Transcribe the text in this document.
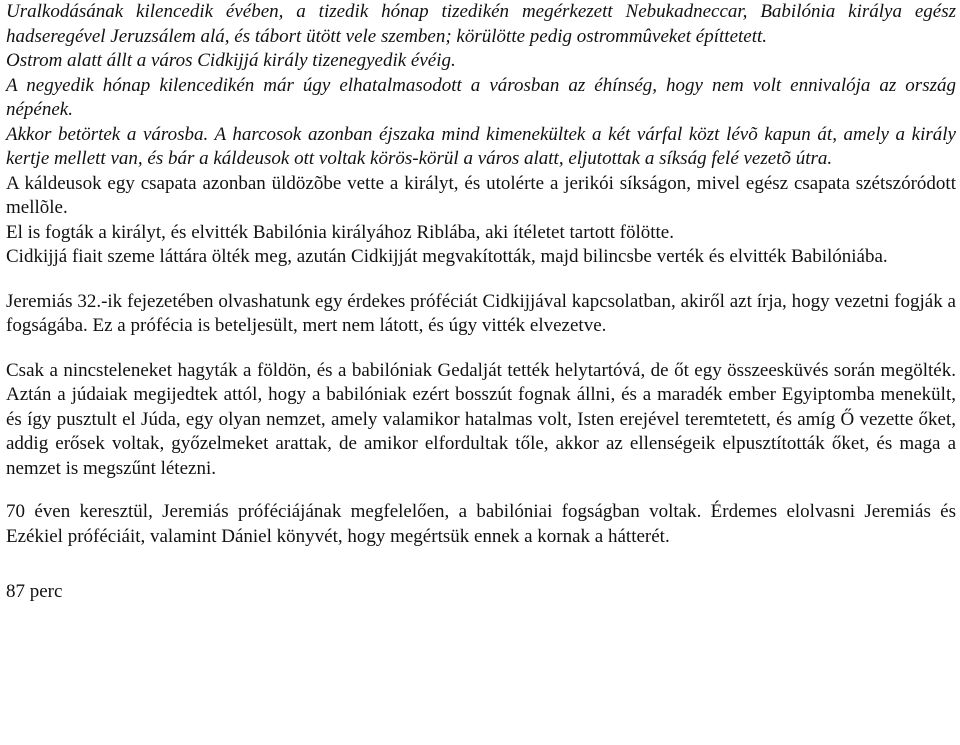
Uralkodásának kilencedik évében, a tizedik hónap tizedikén megérkezett Nebukadneccar, Babilónia királya egész hadseregével Jeruzsálem alá, és tábort ütött vele szemben; körülötte pedig ostrommûveket építtetett.

Ostrom alatt állt a város Cidkijjá király tizenegyedik évéig.

A negyedik hónap kilencedikén már úgy elhatalmasodott a városban az éhínség, hogy nem volt ennivalója az ország népének.

Akkor betörtek a városba. A harcosok azonban éjszaka mind kimenekültek a két várfal közt lévõ kapun át, amely a király kertje mellett van, és bár a káldeusok ott voltak körös-körül a város alatt, eljutottak a síkság felé vezetõ útra.

A káldeusok egy csapata azonban üldözõbe vette a királyt, és utolérte a jerikói síkságon, mivel egész csapata szétszóródott mellõle.

El is fogták a királyt, és elvitték Babilónia királyához Riblába, aki ítéletet tartott fölötte.

Cidkijjá fiait szeme láttára ölték meg, azután Cidkijját megvakították, majd bilincsbe verték és elvitték Babilóniába.

Jeremiás 32.-ik fejezetében olvashatunk egy érdekes próféciát Cidkijjával kapcsolatban, akiről azt írja, hogy vezetni fogják a fogságába. Ez a prófécia is beteljesült, mert nem látott, és úgy vitték elvezetve.

Csak a nincsteleneket hagyták a földön, és a babilóniak Gedalját tették helytartóvá, de őt egy összeesküvés során megölték. Aztán a júdaiak megijedtek attól, hogy a babilóniak ezért bosszút fognak állni, és a maradék ember Egyiptomba menekült, és így pusztult el Júda, egy olyan nemzet, amely valamikor hatalmas volt, Isten erejével teremtetett, és amíg Ő vezette őket, addig erősek voltak, győzelmeket arattak, de amikor elfordultak tőle, akkor az ellenségeik elpusztították őket, és maga a nemzet is megszűnt létezni.

70 éven keresztül, Jeremiás próféciájának megfelelően, a babilóniai fogságban voltak. Érdemes elolvasni Jeremiás és Ezékiel próféciáit, valamint Dániel könyvét, hogy megértsük ennek a kornak a hátterét.

87 perc
